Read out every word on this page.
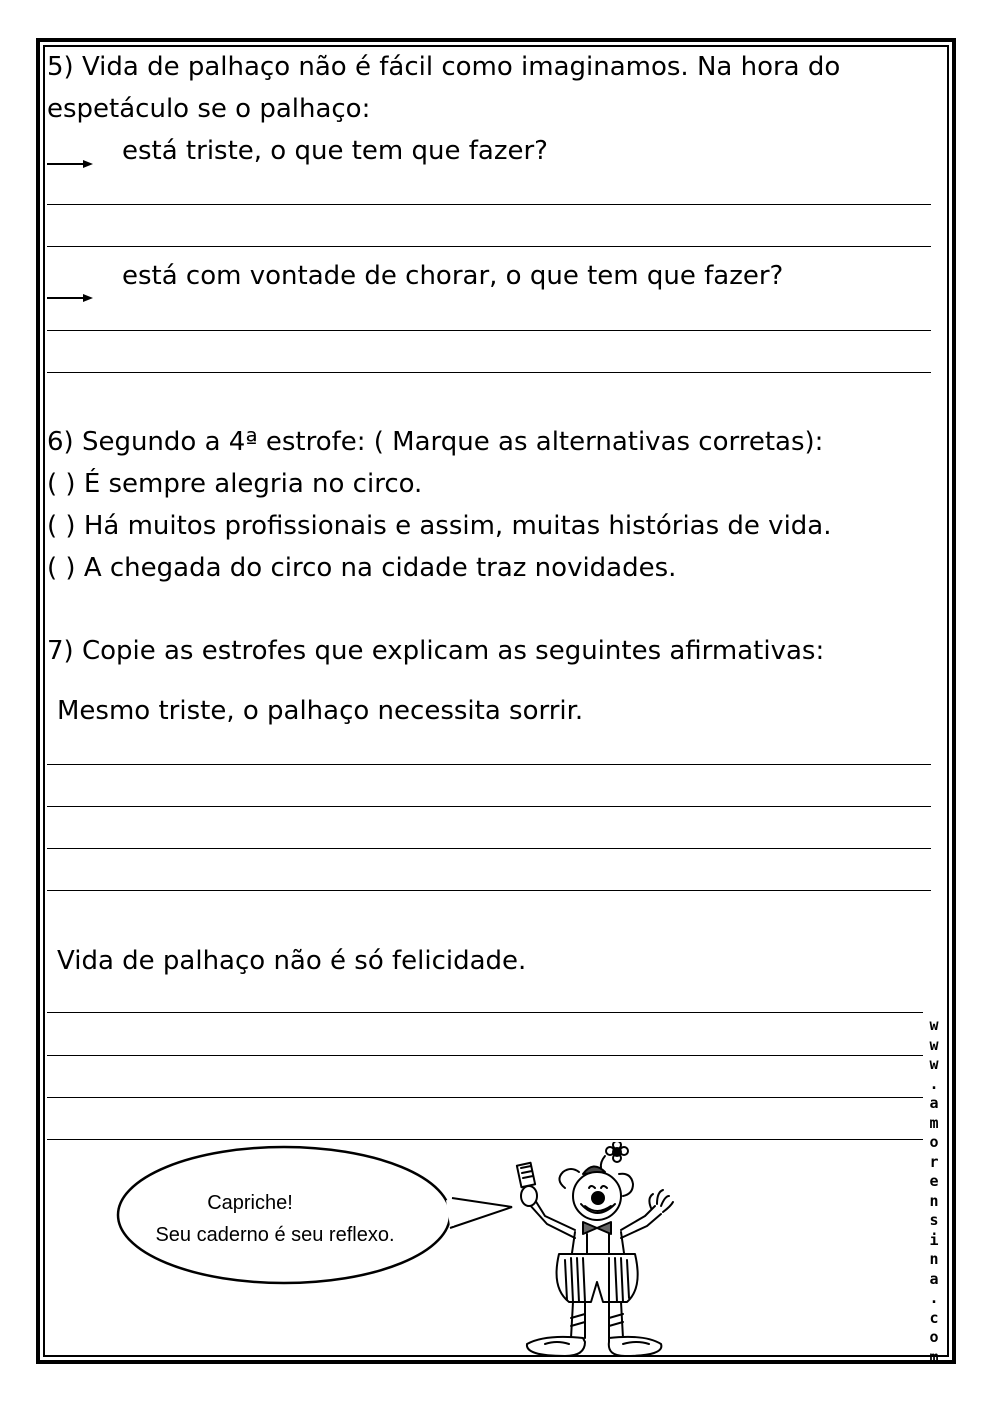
5) Vida de palhaço não é fácil como imaginamos. Na hora do
espetáculo se o palhaço:
está triste, o que tem que fazer?
está com vontade de chorar, o que tem que fazer?
6) Segundo a 4ª estrofe: ( Marque as alternativas corretas):
( ) É sempre alegria no circo.
( ) Há muitos profissionais e assim, muitas histórias de vida.
( ) A chegada do circo na cidade traz novidades.
7) Copie as estrofes que explicam as seguintes afirmativas:
Mesmo triste, o palhaço necessita sorrir.
Vida de palhaço não é só felicidade.
w
w
w
.
a
m
o
r
e
n
s
i
n
a
.
c
o
m
Capriche!
Seu caderno é seu reflexo.
